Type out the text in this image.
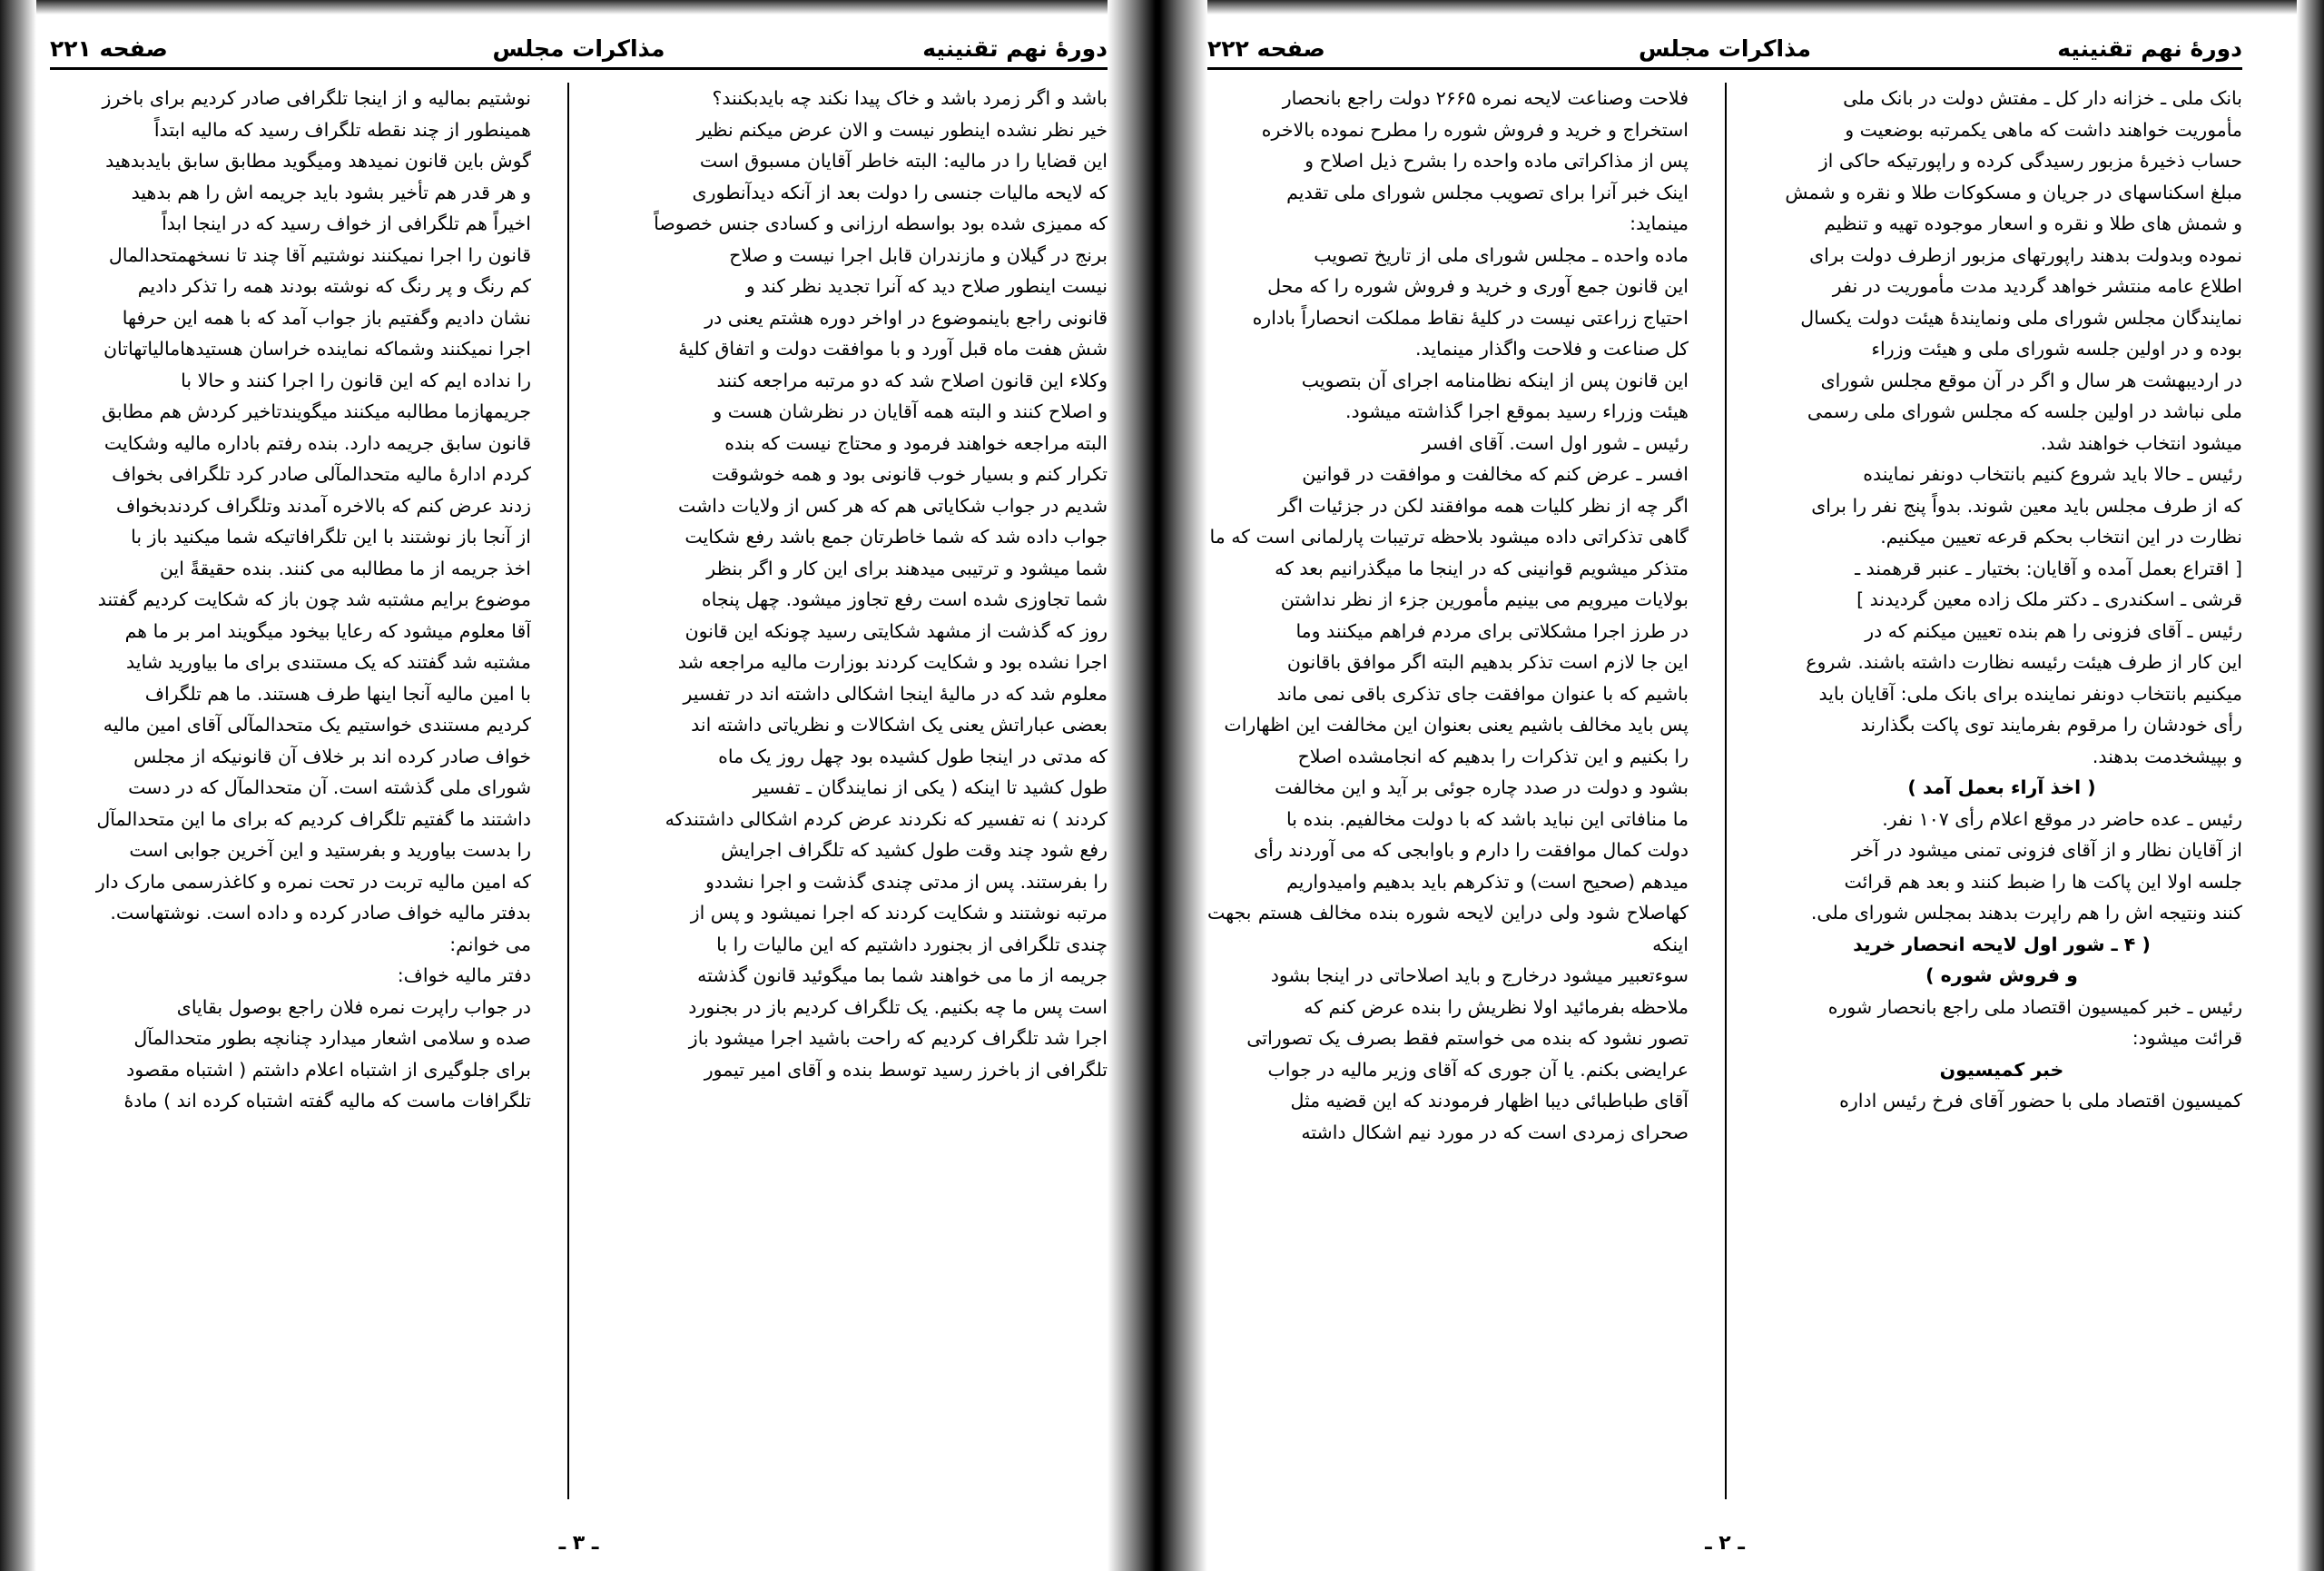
دورهٔ نهم تقنینیه
مذاکرات مجلس
صفحه ۲۲۱

باشد و اگر زمرد باشد و خاک پیدا نکند چه بایدبکنند؟

خیر نظر نشده اینطور نیست و الان عرض میکنم نظیر

این قضایا را در مالیه: البته خاطر آقایان مسبوق است

که لایحه مالیات جنسی را دولت بعد از آنکه دیدآنطوری

که ممیزی شده بود بواسطه ارزانی و کسادی جنس خصوصاً

برنج در گیلان و مازندران قابل اجرا نیست و صلاح

نیست اینطور صلاح دید که آنرا تجدید نظر کند و

قانونی راجع باینموضوع در اواخر دوره هشتم یعنی در

شش هفت ماه قبل آورد و با موافقت دولت و اتفاق کلیهٔ

وکلاء این قانون اصلاح شد که دو مرتبه مراجعه کنند

و اصلاح کنند و البته همه آقایان در نظرشان هست و

البته مراجعه خواهند فرمود و محتاج نیست که بنده

تکرار کنم و بسیار خوب قانونی بود و همه خوشوقت

شدیم در جواب شکایاتی هم که هر کس از ولایات داشت

جواب داده شد که شما خاطرتان جمع باشد رفع شکایت

شما میشود و ترتیبی میدهند برای این کار و اگر بنظر

شما تجاوزی شده است رفع تجاوز میشود. چهل پنجاه

روز که گذشت از مشهد شکایتی رسید چونکه این قانون

اجرا نشده بود و شکایت کردند بوزارت مالیه مراجعه شد

معلوم شد که در مالیهٔ اینجا اشکالی داشته اند در تفسیر

بعضی عباراتش یعنی یک اشکالات و نظریاتی داشته اند

که مدتی در اینجا طول کشیده بود چهل روز یک ماه

طول کشید تا اینکه ( یکی از نمایندگان ـ تفسیر

کردند ) نه تفسیر که نکردند عرض کردم اشکالی داشتندکه

رفع شود چند وقت طول کشید که تلگراف اجرایش

را بفرستند. پس از مدتی چندی گذشت و اجرا نشددو

مرتبه نوشتند و شکایت کردند که اجرا نمیشود و پس از

چندی تلگرافی از بجنورد داشتیم که این مالیات را با

جریمه از ما می خواهند شما بما میگوئید قانون گذشته

است پس ما چه بکنیم. یک تلگراف کردیم باز در بجنورد

اجرا شد تلگراف کردیم که راحت باشید اجرا میشود باز

تلگرافی از باخرز رسید توسط بنده و آقای امیر تیمور

نوشتیم بمالیه و از اینجا تلگرافی صادر کردیم برای باخرز

همینطور از چند نقطه تلگراف رسید که مالیه ابتداً

گوش باین قانون نمیدهد ومیگوید مطابق سابق بایدبدهید

و هر قدر هم تأخیر بشود باید جریمه اش را هم بدهید

اخیراً هم تلگرافی از خواف رسید که در اینجا ابداً

قانون را اجرا نمیکنند نوشتیم آقا چند تا نسخهمتحدالمال

کم رنگ و پر رنگ که نوشته بودند همه را تذکر دادیم

نشان دادیم وگفتیم باز جواب آمد که با همه این حرفها

اجرا نمیکنند وشماکه نماینده خراسان هستیدهامالیاتهاتان

را نداده ایم که این قانون را اجرا کنند و حالا با

جریمهازما مطالبه میکنند میگویندتاخیر کردش هم مطابق

قانون سابق جریمه دارد. بنده رفتم باداره مالیه وشکایت

کردم ادارهٔ مالیه متحدالمآلی صادر کرد تلگرافی بخواف

زدند عرض کنم که بالاخره آمدند وتلگراف کردندبخواف

از آنجا باز نوشتند با این تلگرافاتیکه شما میکنید باز با

اخذ جریمه از ما مطالبه می کنند. بنده حقیقةً این

موضوع برایم مشتبه شد چون باز که شکایت کردیم گفتند

آقا معلوم میشود که رعایا بیخود میگویند امر بر ما هم

مشتبه شد گفتند که یک مستندی برای ما بیاورید شاید

با امین مالیه آنجا اینها طرف هستند. ما هم تلگراف

کردیم مستندی خواستیم یک متحدالمآلی آقای امین مالیه

خواف صادر کرده اند بر خلاف آن قانونیکه از مجلس

شورای ملی گذشته است. آن متحدالمآل که در دست

داشتند ما گفتیم تلگراف کردیم که برای ما این متحدالمآل

را بدست بیاورید و بفرستید و این آخرین جوابی است

که امین مالیه تربت در تحت نمره و کاغذرسمی مارک دار

بدفتر مالیه خواف صادر کرده و داده است. نوشتهاست.

می خوانم:

دفتر مالیه خواف:

در جواب راپرت نمره فلان راجع بوصول بقایای

صده و سلامی اشعار میدارد چنانچه بطور متحدالمآل

برای جلوگیری از اشتباه اعلام داشتم ( اشتباه مقصود

تلگرافات ماست که مالیه گفته اشتباه کرده اند ) مادهٔ

ـ ۳ ـ
دورهٔ نهم تقنینیه
مذاکرات مجلس
صفحه ۲۲۲

بانک ملی ـ خزانه دار کل ـ مفتش دولت در بانک ملی

مأموریت خواهند داشت که ماهی یکمرتبه بوضعیت و

حساب ذخیرهٔ مزبور رسیدگی کرده و راپورتیکه حاکی از

مبلغ اسکناسهای در جریان و مسکوکات طلا و نقره و شمش

و شمش های طلا و نقره و اسعار موجوده تهیه و تنظیم

نموده وبدولت بدهند راپورتهای مزبور ازطرف دولت برای

اطلاع عامه منتشر خواهد گردید مدت مأموریت در نفر

نمایندگان مجلس شورای ملی ونمایندهٔ هیئت دولت یکسال

بوده و در اولین جلسه شورای ملی و هیئت وزراء

در اردیبهشت هر سال و اگر در آن موقع مجلس شورای

ملی نباشد در اولین جلسه که مجلس شورای ملی رسمی

میشود انتخاب خواهند شد.

رئیس ـ حالا باید شروع کنیم بانتخاب دونفر نماینده

که از طرف مجلس باید معین شوند. بدواً پنج نفر را برای

نظارت در این انتخاب بحکم قرعه تعیین میکنیم.

[ اقتراع بعمل آمده و آقایان: بختیار ـ عنبر قرهمند ـ

قرشی ـ اسکندری ـ دکتر ملک زاده معین گردیدند ]

رئیس ـ آقای فزونی را هم بنده تعیین میکنم که در

این کار از طرف هیئت رئیسه نظارت داشته باشند. شروع

میکنیم بانتخاب دونفر نماینده برای بانک ملی: آقایان باید

رأی خودشان را مرقوم بفرمایند توی پاکت بگذارند

و بپیشخدمت بدهند.

( اخذ آراء بعمل آمد )

رئیس ـ عده حاضر در موقع اعلام رأی ۱۰۷ نفر.

از آقایان نظار و از آقای فزونی تمنی میشود در آخر

جلسه اولا این پاکت ها را ضبط کنند و بعد هم قرائت

کنند ونتیجه اش را هم راپرت بدهند بمجلس شورای ملی.

( ۴ ـ شور اول لایحه انحصار خرید

و فروش شوره )

رئیس ـ خبر کمیسیون اقتصاد ملی راجع بانحصار شوره

قرائت میشود:

خبر کمیسیون

کمیسیون اقتصاد ملی با حضور آقای فرخ رئیس اداره

فلاحت وصناعت لایحه نمره ۲۶۶۵ دولت راجع بانحصار

استخراج و خرید و فروش شوره را مطرح نموده بالاخره

پس از مذاکراتی ماده واحده را بشرح ذیل اصلاح و

اینک خبر آنرا برای تصویب مجلس شورای ملی تقدیم

مینماید:

ماده واحده ـ مجلس شورای ملی از تاریخ تصویب

این قانون جمع آوری و خرید و فروش شوره را که محل

احتیاج زراعتی نیست در کلیهٔ نقاط مملکت انحصاراً باداره

کل صناعت و فلاحت واگذار مینماید.

این قانون پس از اینکه نظامنامه اجرای آن بتصویب

هیئت وزراء رسید بموقع اجرا گذاشته میشود.

رئیس ـ شور اول است. آقای افسر

افسر ـ عرض کنم که مخالفت و موافقت در قوانین

اگر چه از نظر کلیات همه موافقند لکن در جزئیات اگر

گاهی تذکراتی داده میشود بلاحظه ترتیبات پارلمانی است که ما

متذکر میشویم قوانینی که در اینجا ما میگذرانیم بعد که

بولایات میرویم می بینیم مأمورین جزء از نظر نداشتن

در طرز اجرا مشکلاتی برای مردم فراهم میکنند وما

این جا لازم است تذکر بدهیم البته اگر موافق باقانون

باشیم که با عنوان موافقت جای تذکری باقی نمی ماند

پس باید مخالف باشیم یعنی بعنوان این مخالفت این اظهارات

را بکنیم و این تذکرات را بدهیم که انجامشده اصلاح

بشود و دولت در صدد چاره جوئی بر آید و این مخالفت

ما منافاتی این نباید باشد که با دولت مخالفیم. بنده با

دولت کمال موافقت را دارم و باوابجی که می آوردند رأی

میدهم (صحیح است) و تذکرهم باید بدهیم وامیدواریم

کهاصلاح شود ولی دراین لایحه شوره بنده مخالف هستم بجهت اینکه

سوءتعبیر میشود درخارج و باید اصلاحاتی در اینجا بشود

ملاحظه بفرمائید اولا نظریش را بنده عرض کنم که

تصور نشود که بنده می خواستم فقط بصرف یک تصوراتی

عرایضی بکنم. یا آن جوری که آقای وزیر مالیه در جواب

آقای طباطبائی دیبا اظهار فرمودند که این قضیه مثل

صحرای زمردی است که در مورد نیم اشکال داشته

ـ ۲ ـ
